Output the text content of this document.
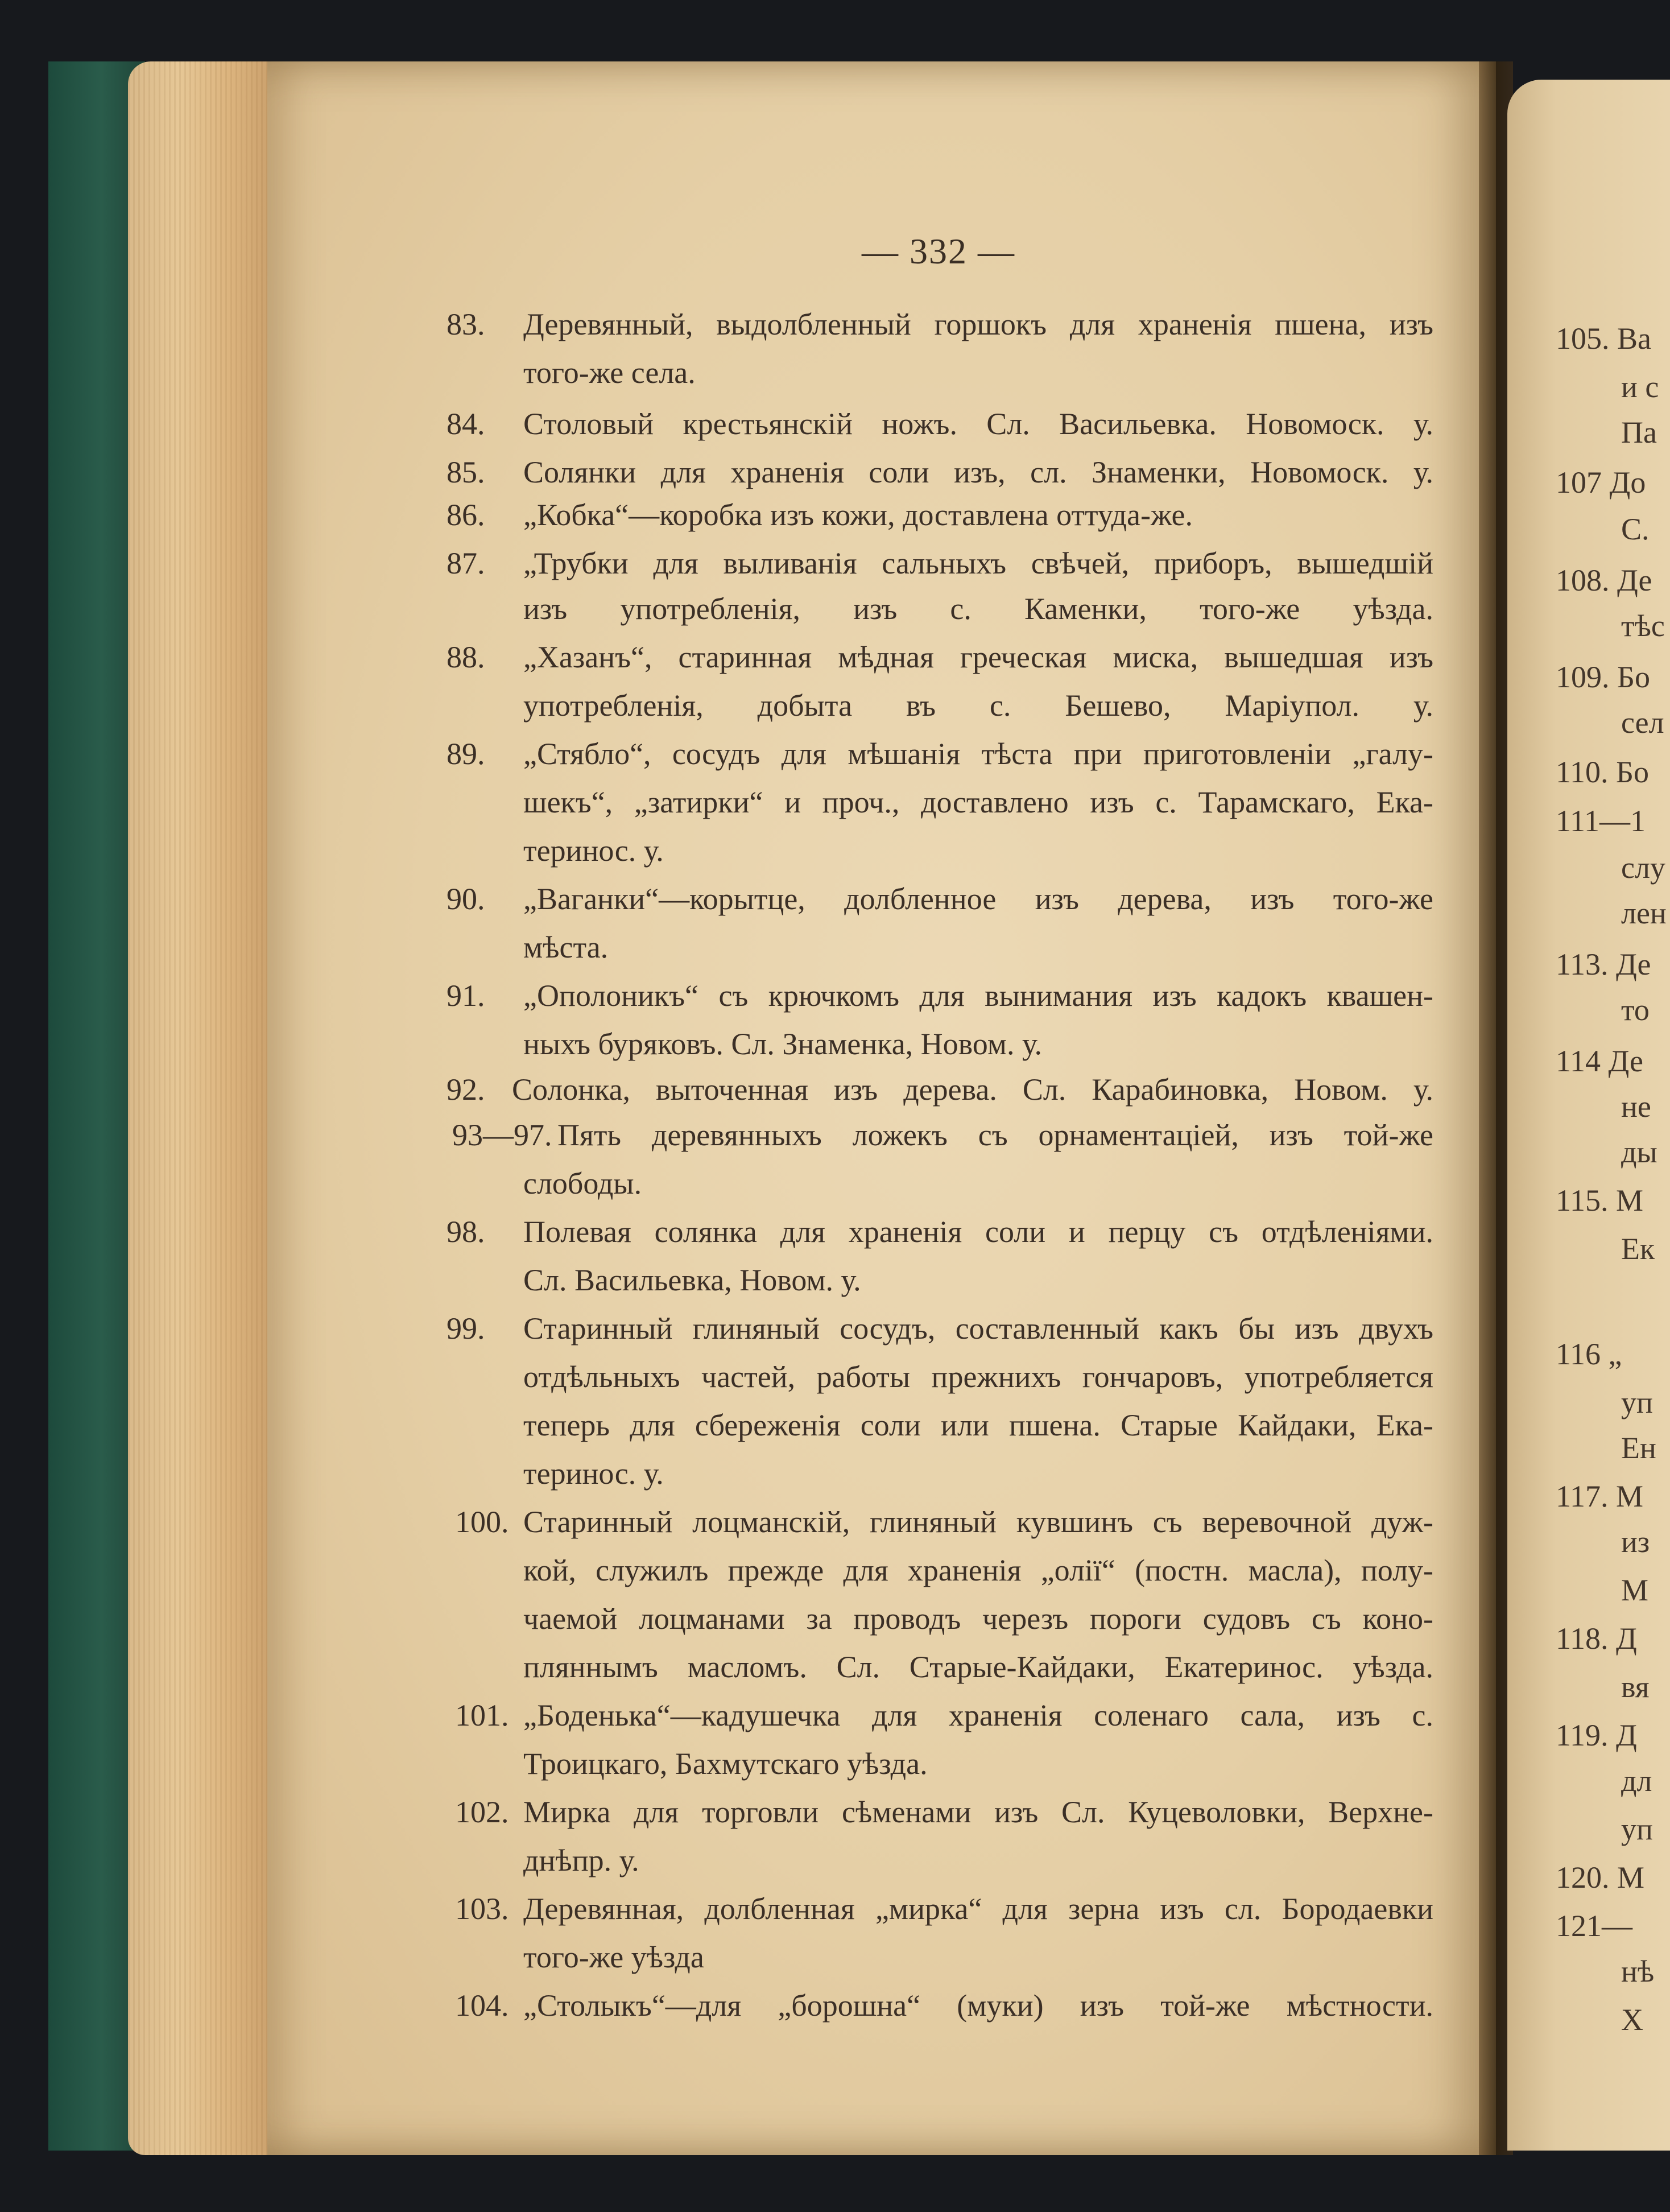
— 332 —
83. Деревянный, выдолбленный горшокъ для храненія пшена, изъ
того-же села.
84. Столовый крестьянскій ножъ. Сл. Васильевка. Новомоск. у.
85. Солянки для храненія соли изъ, сл. Знаменки, Новомоск. у.
86. „Кобка“—коробка изъ кожи, доставлена оттуда-же.
87. „Трубки для выливанія сальныхъ свѣчей, приборъ, вышедшій
изъ употребленія, изъ с. Каменки, того-же уѣзда.
88. „Хазанъ“, старинная мѣдная греческая миска, вышедшая изъ
употребленія, добыта въ с. Бешево, Маріупол. у.
89. „Стябло“, сосудъ для мѣшанія тѣста при приготовленіи „галу-
шекъ“, „затирки“ и проч., доставлено изъ с. Тарамскаго, Ека-
теринос. у.
90. „Ваганки“—корытце, долбленное изъ дерева, изъ того-же
мѣста.
91. „Ополоникъ“ съ крючкомъ для вынимания изъ кадокъ квашен-
ныхъ буряковъ. Сл. Знаменка, Новом. у.
92. Солонка, выточенная изъ дерева. Сл. Карабиновка, Новом. у.
93—97. Пять деревянныхъ ложекъ съ орнаментаціей, изъ той-же
слободы.
98. Полевая солянка для храненія соли и перцу съ отдѣленіями.
Сл. Васильевка, Новом. у.
99. Старинный глиняный сосудъ, составленный какъ бы изъ двухъ
отдѣльныхъ частей, работы прежнихъ гончаровъ, употребляется
теперь для сбереженія соли или пшена. Старые Кайдаки, Ека-
теринос. у.
100. Старинный лоцманскій, глиняный кувшинъ съ веревочной дуж-
кой, служилъ прежде для храненія „олії“ (постн. масла), полу-
чаемой лоцманами за проводъ черезъ пороги судовъ съ коно-
пляннымъ масломъ. Сл. Старые-Кайдаки, Екатеринос. уѣзда.
101. „Боденька“—кадушечка для храненія соленаго сала, изъ с.
Троицкаго, Бахмутскаго уѣзда.
102. Мирка для торговли сѣменами изъ Сл. Куцеволовки, Верхне-
днѣпр. у.
103. Деревянная, долбленная „мирка“ для зерна изъ сл. Бородаевки
того-же уѣзда
104. „Столыкъ“—для „борошна“ (муки) изъ той-же мѣстности.
105. Ва
и с
Па
107 До
С.
108. Де
тѣс
109. Бо
сел
110. Бо
111—1
слу
лен
113. Де
то
114 Де
не
ды
115. М
Ек
116 „
уп
Ен
117. М
из
М
118. Д
вя
119. Д
дл
уп
120. М
121—
нѣ
Х
